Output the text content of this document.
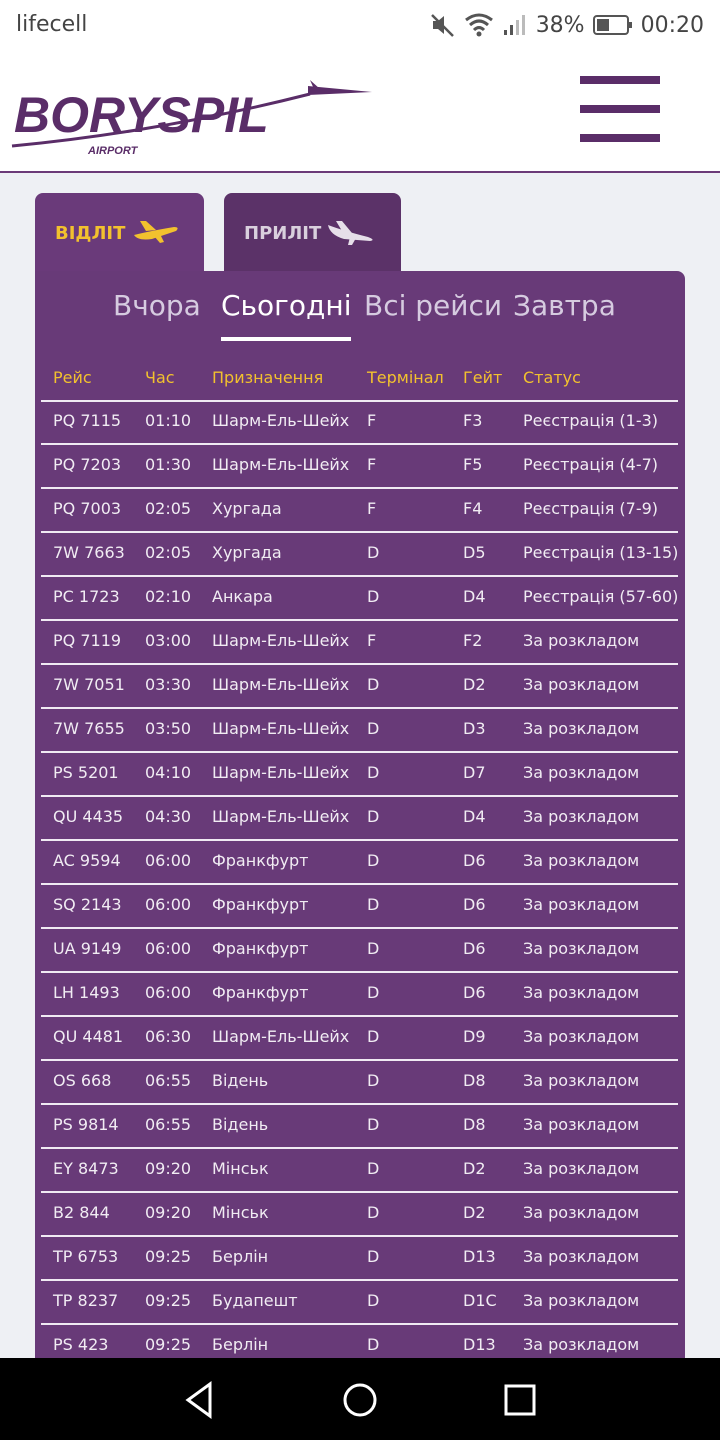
lifecell	38%	00:20
BORYSPIL
AIRPORT
ВІДЛІТ	ПРИЛІТ
Вчора Сьогодні Всі рейси Завтра
Рейс	Час Призначення	Термінал Гейт Статус
PQ 7115 01:10 Шарм-Ель-Шейх F	F3	Реєстрація (1-3)
PQ 7203 01:30 Шарм-Ель-Шейх F	F5	Реєстрація (4-7)
PQ 7003 02:05 Хургада	F	F4	Реєстрація (7-9)
7W 7663 02:05 Хургада	D	D5 Реєстрація (13-15)
PC 1723 02:10 Анкара	D	D4 Реєстрація (57-60)
PQ 7119 03:00 Шарм-Ель-Шейх F	F2	За розкладом
7W 7051 03:30 Шарм-Ель-Шейх D	D2 За розкладом
7W 7655 03:50 Шарм-Ель-Шейх D	D3 За розкладом
PS 5201 04:10 Шарм-Ель-Шейх D	D7 За розкладом
QU 4435 04:30 Шарм-Ель-Шейх D	D4 За розкладом
AC 9594 06:00 Франкфурт	D	D6 За розкладом
SQ 2143 06:00 Франкфурт	D	D6 За розкладом
UA 9149 06:00 Франкфурт	D	D6 За розкладом
LH 1493 06:00 Франкфурт	D	D6 За розкладом
QU 4481 06:30 Шарм-Ель-Шейх D	D9 За розкладом
OS 668 06:55 Відень	D	D8 За розкладом
PS 9814 06:55 Відень	D	D8 За розкладом
EY 8473 09:20 Мінськ	D	D2 За розкладом
B2 844 09:20 Мінськ	D	D2 За розкладом
TP 6753 09:25 Берлін	D	D13 За розкладом
TP 8237 09:25 Будапешт	D	D1C За розкладом
PS 423 09:25 Берлін	D	D13 За розкладом
